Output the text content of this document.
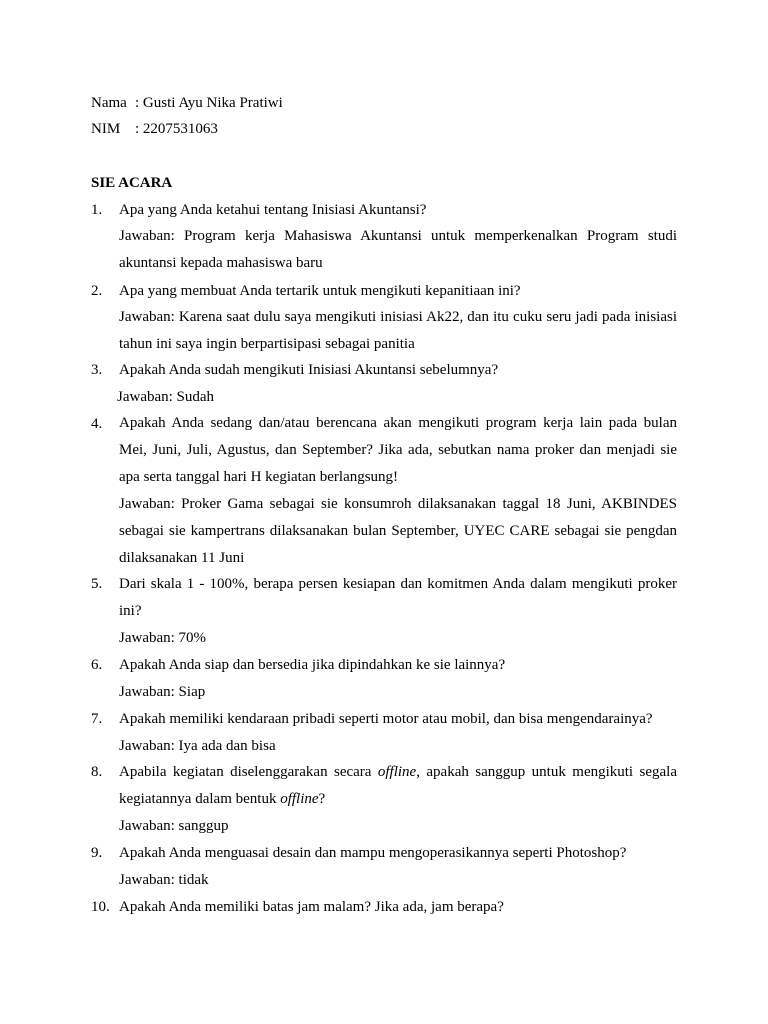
Nama : Gusti Ayu Nika Pratiwi
NIM : 2207531063
SIE ACARA
1. Apa yang Anda ketahui tentang Inisiasi Akuntansi?
Jawaban: Program kerja Mahasiswa Akuntansi untuk memperkenalkan Program studi akuntansi kepada mahasiswa baru
2. Apa yang membuat Anda tertarik untuk mengikuti kepanitiaan ini?
Jawaban: Karena saat dulu saya mengikuti inisiasi Ak22, dan itu cuku seru jadi pada inisiasi tahun ini saya ingin berpartisipasi sebagai panitia
3. Apakah Anda sudah mengikuti Inisiasi Akuntansi sebelumnya?
Jawaban: Sudah
4. Apakah Anda sedang dan/atau berencana akan mengikuti program kerja lain pada bulan Mei, Juni, Juli, Agustus, dan September? Jika ada, sebutkan nama proker dan menjadi sie apa serta tanggal hari H kegiatan berlangsung!
Jawaban: Proker Gama sebagai sie konsumroh dilaksanakan taggal 18 Juni, AKBINDES sebagai sie kampertrans dilaksanakan bulan September, UYEC CARE sebagai sie pengdan dilaksanakan 11 Juni
5. Dari skala 1 - 100%, berapa persen kesiapan dan komitmen Anda dalam mengikuti proker ini?
Jawaban: 70%
6. Apakah Anda siap dan bersedia jika dipindahkan ke sie lainnya?
Jawaban: Siap
7. Apakah memiliki kendaraan pribadi seperti motor atau mobil, dan bisa mengendarainya?
Jawaban: Iya ada dan bisa
8. Apabila kegiatan diselenggarakan secara offline, apakah sanggup untuk mengikuti segala kegiatannya dalam bentuk offline?
Jawaban: sanggup
9. Apakah Anda menguasai desain dan mampu mengoperasikannya seperti Photoshop?
Jawaban: tidak
10. Apakah Anda memiliki batas jam malam? Jika ada, jam berapa?
